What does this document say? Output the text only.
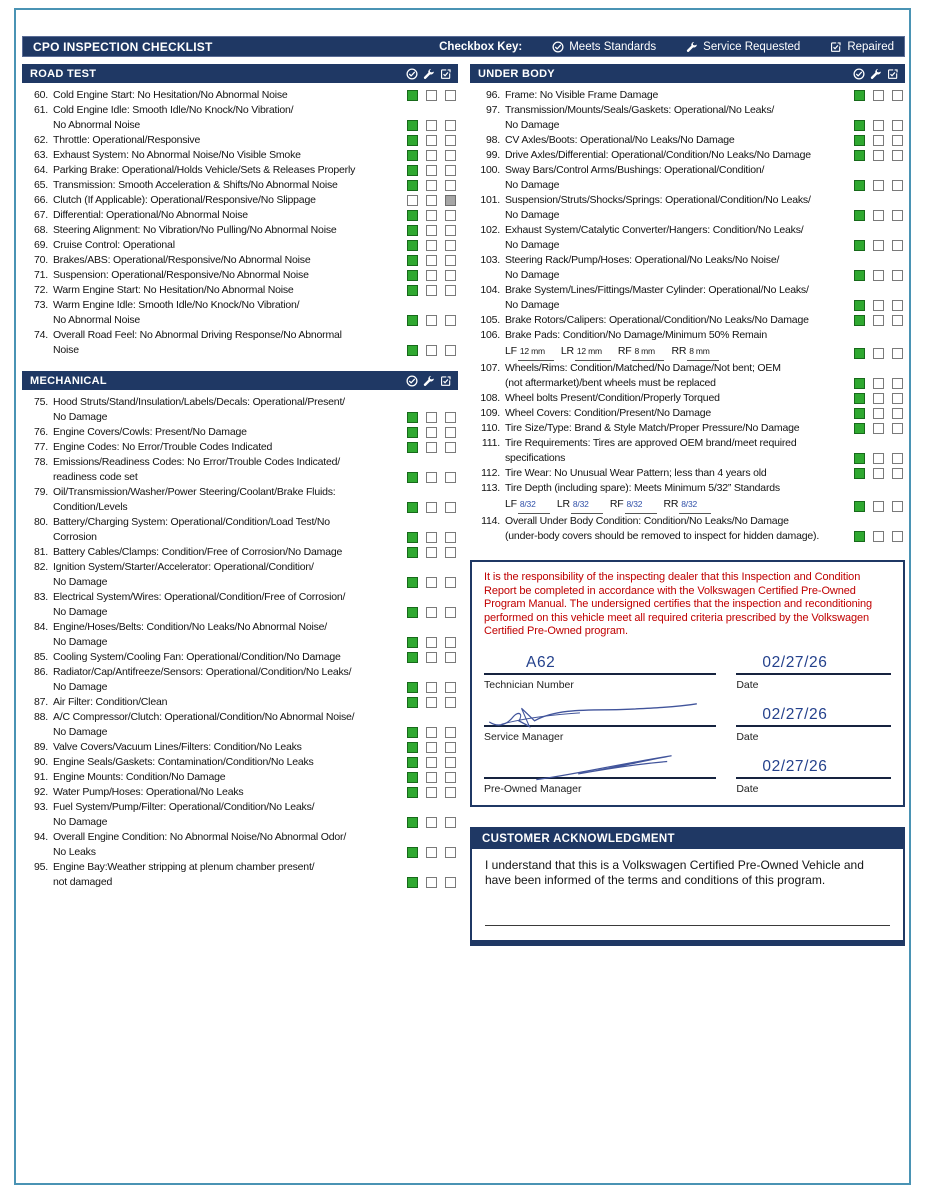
CPO INSPECTION CHECKLIST	Checkbox Key:	Meets Standards	Service Requested	Repaired
ROAD TEST
60. Cold Engine Start: No Hesitation/No Abnormal Noise
61. Cold Engine Idle: Smooth Idle/No Knock/No Vibration/
No Abnormal Noise
62. Throttle: Operational/Responsive
63. Exhaust System: No Abnormal Noise/No Visible Smoke
64. Parking Brake: Operational/Holds Vehicle/Sets & Releases Properly
65. Transmission: Smooth Acceleration & Shifts/No Abnormal Noise
66. Clutch (If Applicable): Operational/Responsive/No Slippage
67. Differential: Operational/No Abnormal Noise
68. Steering Alignment: No Vibration/No Pulling/No Abnormal Noise
69. Cruise Control: Operational
70. Brakes/ABS: Operational/Responsive/No Abnormal Noise
71. Suspension: Operational/Responsive/No Abnormal Noise
72. Warm Engine Start: No Hesitation/No Abnormal Noise
73. Warm Engine Idle: Smooth Idle/No Knock/No Vibration/
No Abnormal Noise
74. Overall Road Feel: No Abnormal Driving Response/No Abnormal
Noise
MECHANICAL
75. Hood Struts/Stand/Insulation/Labels/Decals: Operational/Present/
No Damage
76. Engine Covers/Cowls: Present/No Damage
77. Engine Codes: No Error/Trouble Codes Indicated
78. Emissions/Readiness Codes: No Error/Trouble Codes Indicated/
readiness code set
79. Oil/Transmission/Washer/Power Steering/Coolant/Brake Fluids:
Condition/Levels
80. Battery/Charging System: Operational/Condition/Load Test/No
Corrosion
81. Battery Cables/Clamps: Condition/Free of Corrosion/No Damage
82. Ignition System/Starter/Accelerator: Operational/Condition/
No Damage
83. Electrical System/Wires: Operational/Condition/Free of Corrosion/
No Damage
84. Engine/Hoses/Belts: Condition/No Leaks/No Abnormal Noise/
No Damage
85. Cooling System/Cooling Fan: Operational/Condition/No Damage
86. Radiator/Cap/Antifreeze/Sensors: Operational/Condition/No Leaks/
No Damage
87. Air Filter: Condition/Clean
88. A/C Compressor/Clutch: Operational/Condition/No Abnormal Noise/
No Damage
89. Valve Covers/Vacuum Lines/Filters: Condition/No Leaks
90. Engine Seals/Gaskets: Contamination/Condition/No Leaks
91. Engine Mounts: Condition/No Damage
92. Water Pump/Hoses: Operational/No Leaks
93. Fuel System/Pump/Filter: Operational/Condition/No Leaks/
No Damage
94. Overall Engine Condition: No Abnormal Noise/No Abnormal Odor/
No Leaks
95. Engine Bay:Weather stripping at plenum chamber present/
not damaged
UNDER BODY
96. Frame: No Visible Frame Damage
97. Transmission/Mounts/Seals/Gaskets: Operational/No Leaks/
No Damage
98. CV Axles/Boots: Operational/No Leaks/No Damage
99. Drive Axles/Differential: Operational/Condition/No Leaks/No Damage
100. Sway Bars/Control Arms/Bushings: Operational/Condition/
No Damage
101. Suspension/Struts/Shocks/Springs: Operational/Condition/No Leaks/
No Damage
102. Exhaust System/Catalytic Converter/Hangers: Condition/No Leaks/
No Damage
103. Steering Rack/Pump/Hoses: Operational/No Leaks/No Noise/
No Damage
104. Brake System/Lines/Fittings/Master Cylinder: Operational/No Leaks/
No Damage
105. Brake Rotors/Calipers: Operational/Condition/No Leaks/No Damage
106. Brake Pads: Condition/No Damage/Minimum 50% Remain
LF 12 mm LR 12 mm RF 8 mm RR 8 mm
107. Wheels/Rims: Condition/Matched/No Damage/Not bent; OEM
(not aftermarket)/bent wheels must be replaced
108. Wheel bolts Present/Condition/Properly Torqued
109. Wheel Covers: Condition/Present/No Damage
110. Tire Size/Type: Brand & Style Match/Proper Pressure/No Damage
111. Tire Requirements: Tires are approved OEM brand/meet required
specifications
112. Tire Wear: No Unusual Wear Pattern; less than 4 years old
113. Tire Depth (including spare): Meets Minimum 5/32” Standards
LF 8/32 LR 8/32 RF 8/32 RR 8/32
114. Overall Under Body Condition: Condition/No Leaks/No Damage
(under-body covers should be removed to inspect for hidden damage).
It is the responsibility of the inspecting dealer that this Inspection and Condition Report be completed in accordance with the Volkswagen Certified Pre-Owned Program Manual. The undersigned certifies that the inspection and reconditioning performed on this vehicle meet all required criteria prescribed by the Volkswagen Certified Pre-Owned program.
A62
Technician Number
02/27/26
Date
Service Manager
02/27/26
Date
Pre-Owned Manager
02/27/26
Date
CUSTOMER ACKNOWLEDGMENT
I understand that this is a Volkswagen Certified Pre-Owned Vehicle and have been informed of the terms and conditions of this program.
